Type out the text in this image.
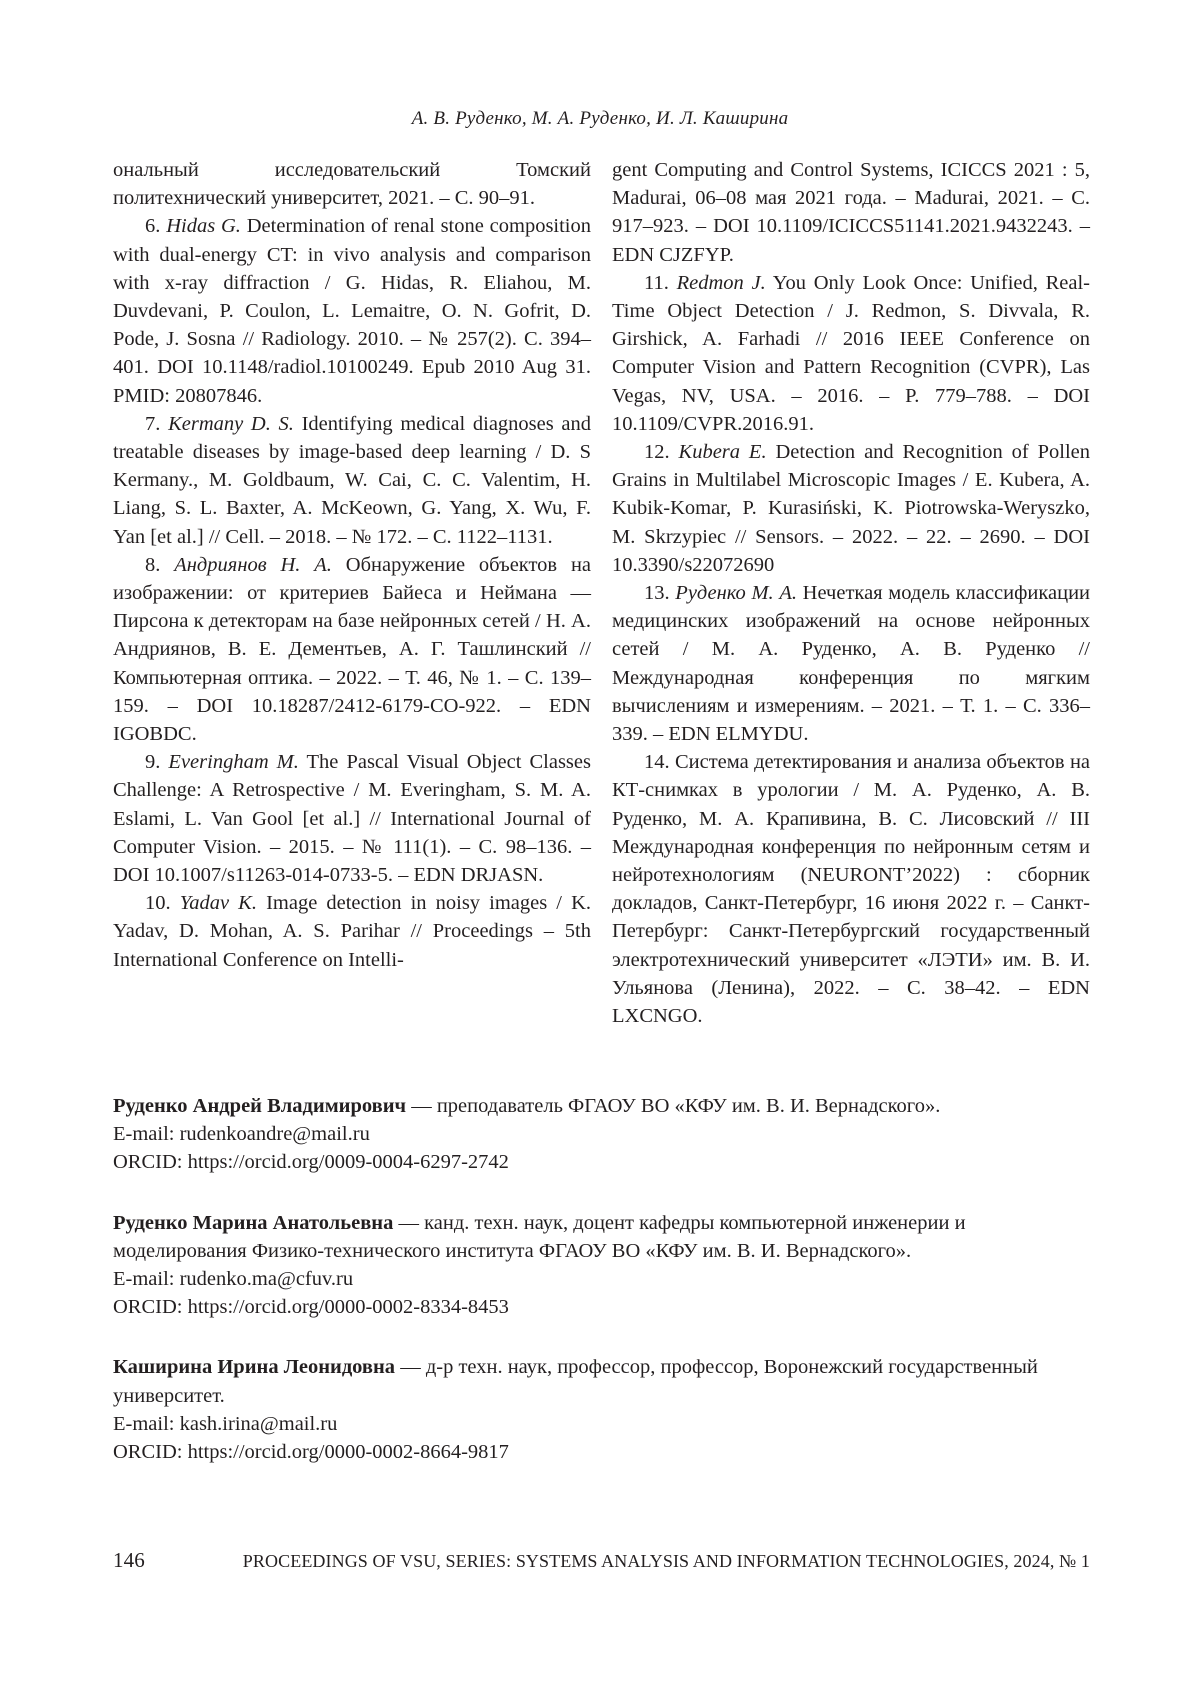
А. В. Руденко, М. А. Руденко, И. Л. Каширина

ональный исследовательский Томский политехнический университет, 2021. – С. 90–91.

6. Hidas G. Determination of renal stone composition with dual-energy CT: in vivo analysis and comparison with x-ray diffraction / G. Hidas, R. Eliahou, M. Duvdevani, P. Coulon, L. Lemaitre, O. N. Gofrit, D. Pode, J. Sosna // Radiology. 2010. – № 257(2). С. 394–401. DOI 10.1148/radiol.10100249. Epub 2010 Aug 31. PMID: 20807846.

7. Kermany D. S. Identifying medical diagnoses and treatable diseases by image-based deep learning / D. S Kermany., M. Goldbaum, W. Cai, C. C. Valentim, H. Liang, S. L. Baxter, A. McKeown, G. Yang, X. Wu, F. Yan [et al.] // Cell. – 2018. – № 172. – С. 1122–1131.

8. Андриянов Н. А. Обнаружение объектов на изображении: от критериев Байеса и Неймана — Пирсона к детекторам на базе нейронных сетей / Н. А. Андриянов, В. Е. Дементьев, А. Г. Ташлинский // Компьютерная оптика. – 2022. – Т. 46, № 1. – С. 139–159. – DOI 10.18287/2412-6179-CO-922. – EDN IGOBDC.

9. Everingham M. The Pascal Visual Object Classes Challenge: A Retrospective / M. Everingham, S. M. A. Eslami, L. Van Gool [et al.] // International Journal of Computer Vision. – 2015. – № 111(1). – С. 98–136. – DOI 10.1007/s11263-014-0733-5. – EDN DRJASN.

10. Yadav K. Image detection in noisy images / K. Yadav, D. Mohan, A. S. Parihar // Proceedings – 5th International Conference on Intelli-

gent Computing and Control Systems, ICICCS 2021 : 5, Madurai, 06–08 мая 2021 года. – Madurai, 2021. – С. 917–923. – DOI 10.1109/ICICCS51141.2021.9432243. – EDN CJZFYP.

11. Redmon J. You Only Look Once: Unified, Real-Time Object Detection / J. Redmon, S. Divvala, R. Girshick, A. Farhadi // 2016 IEEE Conference on Computer Vision and Pattern Recognition (CVPR), Las Vegas, NV, USA. – 2016. – P. 779–788. – DOI 10.1109/CVPR.2016.91.

12. Kubera E. Detection and Recognition of Pollen Grains in Multilabel Microscopic Images / E. Kubera, A. Kubik-Komar, P. Kurasiński, K. Piotrowska-Weryszko, M. Skrzypiec // Sensors. – 2022. – 22. – 2690. – DOI 10.3390/s22072690

13. Руденко М. А. Нечеткая модель классификации медицинских изображений на основе нейронных сетей / М. А. Руденко, А. В. Руденко // Международная конференция по мягким вычислениям и измерениям. – 2021. – Т. 1. – С. 336–339. – EDN ELMYDU.

14. Система детектирования и анализа объектов на КТ-снимках в урологии / М. А. Руденко, А. В. Руденко, М. А. Крапивина, В. С. Лисовский // III Международная конференция по нейронным сетям и нейротехнологиям (NEURONT’2022) : сборник докладов, Санкт-Петербург, 16 июня 2022 г. – Санкт-Петербург: Санкт-Петербургский государственный электротехнический университет «ЛЭТИ» им. В. И. Ульянова (Ленина), 2022. – С. 38–42. – EDN LXCNGO.

Руденко Андрей Владимирович — преподаватель ФГАОУ ВО «КФУ им. В. И. Вернадского».
E-mail: rudenkoandre@mail.ru
ORCID: https://orcid.org/0009-0004-6297-2742
Руденко Марина Анатольевна — канд. техн. наук, доцент кафедры компьютерной инженерии и моделирования Физико-технического института ФГАОУ ВО «КФУ им. В. И. Вернадского».
E-mail: rudenko.ma@cfuv.ru
ORCID: https://orcid.org/0000-0002-8334-8453
Каширина Ирина Леонидовна — д-р техн. наук, профессор, профессор, Воронежский государственный университет.
E-mail: kash.irina@mail.ru
ORCID: https://orcid.org/0000-0002-8664-9817
146	PROCEEDINGS OF VSU, SERIES: SYSTEMS ANALYSIS AND INFORMATION TECHNOLOGIES, 2024, № 1
